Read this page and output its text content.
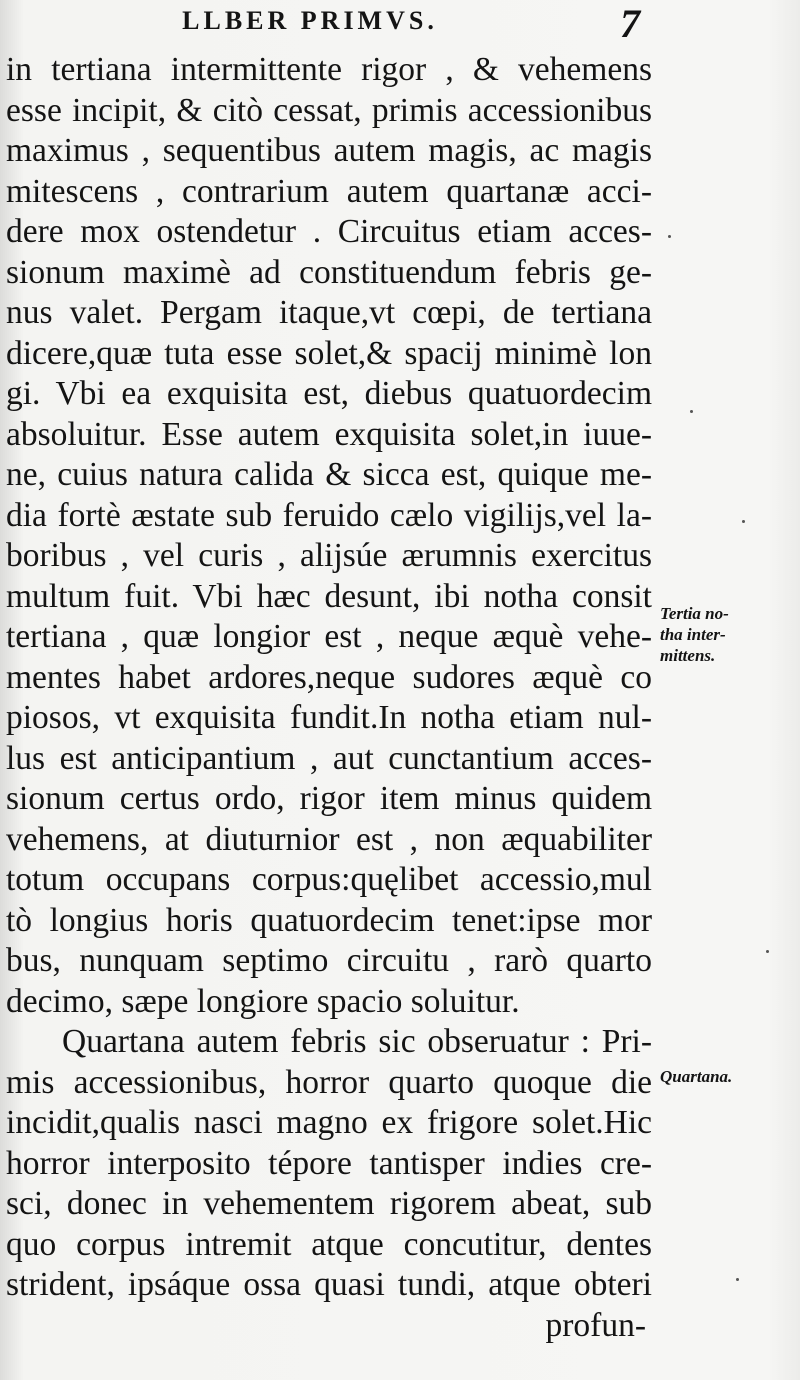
LLBER PRIMVS.	7
in tertiana intermittente rigor , & vehemens
esse incipit, & citò cessat, primis accessionibus
maximus , sequentibus autem magis, ac magis
mitescens , contrarium autem quartanæ acci-
dere mox ostendetur . Circuitus etiam acces-
sionum maximè ad constituendum febris ge-
nus valet. Pergam itaque,vt cœpi, de tertiana
dicere,quæ tuta esse solet,& spacij minimè lon
gi. Vbi ea exquisita est, diebus quatuordecim
absoluitur. Esse autem exquisita solet,in iuue-
ne, cuius natura calida & sicca est, quique me-
dia fortè æstate sub feruido cælo vigilijs,vel la-
boribus , vel curis , alijsúe ærumnis exercitus
multum fuit. Vbi hæc desunt, ibi notha consit
tertiana , quæ longior est , neque æquè vehe-
mentes habet ardores,neque sudores æquè co
piosos, vt exquisita fundit.In notha etiam nul-
lus est anticipantium , aut cunctantium acces-
sionum certus ordo, rigor item minus quidem
vehemens, at diuturnior est , non æquabiliter
totum occupans corpus:quęlibet accessio,mul
tò longius horis quatuordecim tenet:ipse mor
bus, nunquam septimo circuitu , rarò quarto
decimo, sæpe longiore spacio soluitur.
Quartana autem febris sic obseruatur : Pri-
mis accessionibus, horror quarto quoque die
incidit,qualis nasci magno ex frigore solet.Hic
horror interposito tépore tantisper indies cre-
sci, donec in vehementem rigorem abeat, sub
quo corpus intremit atque concutitur, dentes
strident, ipsáque ossa quasi tundi, atque obteri
profun-
Tertia no-
tha inter-
mittens.
Quartana.
